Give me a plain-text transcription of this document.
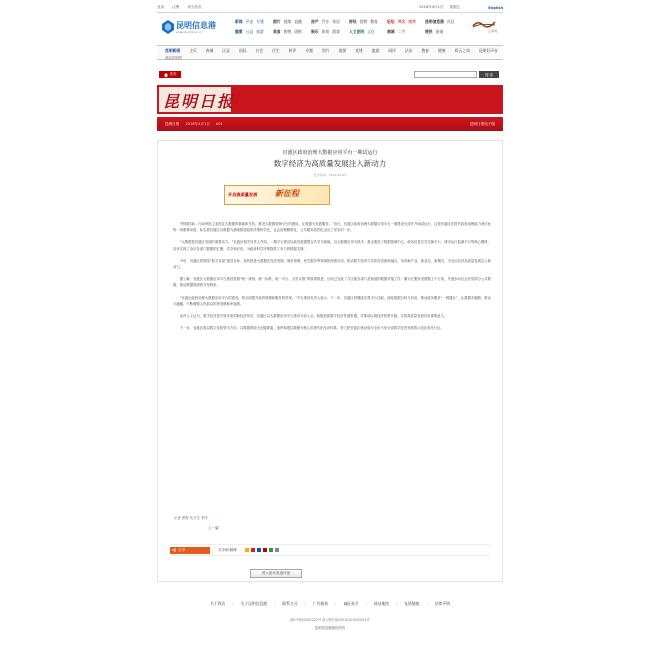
登录 注册 设为首页	2016年4月1日 星期五	English
昆明信息港
www.kunming.cn
新闻 评论 专题 图片 视频 直播 房产 汽车 家居 财经 招聘 教育 论坛 博客 微博 昆明信息港 社区
健康 公益 旅游 美食 购物 团购 娱乐 体育 游戏 人文昆明 文化	商城 二手	便民 查询	云南网
昆明新闻 主页 春城 区县 国际 社会 民生 时评 专题 图片 视频 党建 旅游 网评 法治 教育 健康 彩云之南 昆明好声音
滇池昆明网
首页	搜 索
昆明日报
昆明日报 2016年4月1日 A01	昆明日报电子版
官渡区政府治理大数据应用平台一期试运行
数字经济为高质量发展注入新动力
发布时间：2016-04-01
开启高质量发展 新征程

“围绕招商、行政审批主业抓住大数据的基础和先机，推进大数据管理平台的建设，让数据为发展服务。”近日，官渡区政府治理大数据应用平台一期建设完成并开始试运行，这是官渡区在提升政府治理能力现代化的一项重要举措，标志着官渡区以数据为基础推进政府决策科学化、社会治理精准化、公共服务高效化迈出了坚实的一步。

“大数据是官渡区发展的重要动力。”官渡区相关负责人介绍，一期平台建设以政务数据整合共享为基础，以大数据应用为抓手，重点建设了数据资源中心、政务信息共享交换平台、城市运行监测平台等核心模块，初步实现了全区各部门数据的汇聚、共享和应用，为政府科学决策提供了有力的数据支撑。

今年，官渡区将围绕“数字官渡”建设目标，加快推进大数据在经济发展、城市管理、民生服务等领域的深度应用，推动数字经济与实体经济深度融合，培育新产业、新业态、新模式，为全区经济高质量发展注入新动力。

据了解，官渡区大数据应用平台建设按照“统一规划、统一标准、统一平台、分步实施”的原则推进，目前已完成了与区级各部门及街道的数据对接工作，累计汇聚各类数据上千万条，并逐步向社会开放部分公共数据，推动数据资源的开发利用。

“官渡区政府治理大数据应用平台的建成，将全面提升政府管理和服务的效率。”平台建设负责人表示，下一步，官渡区将继续完善平台功能，深化数据分析与应用，推动政务服务“一网通办”，让数据多跑路、群众少跑腿，不断增强人民群众的获得感和幸福感。

业内人士认为，数字经济是引领未来的新经济形态，官渡区以大数据应用平台建设为切入点，积极抢抓数字经济发展机遇，对推动区域经济转型升级、实现高质量发展具有重要意义。

下一步，官渡区将以数字化转型为方向，以数据资源为关键要素，加快构建以数据为核心的现代化经济体系，努力把官渡区建设成为全市乃至全省数字经济发展的示范区和先行区。

记者 张程 实习生 李洋
上一篇
分享	分享到:微博
进入论坛发表评论
关于我们 | 关于昆明信息港 | 联系方式 | 广告服务 | 诚征英才 | 网站地图 | 友情链接 | 法律声明
滇ICP备05001222号 滇公网安备53010202000001号
昆明信息港版权所有
